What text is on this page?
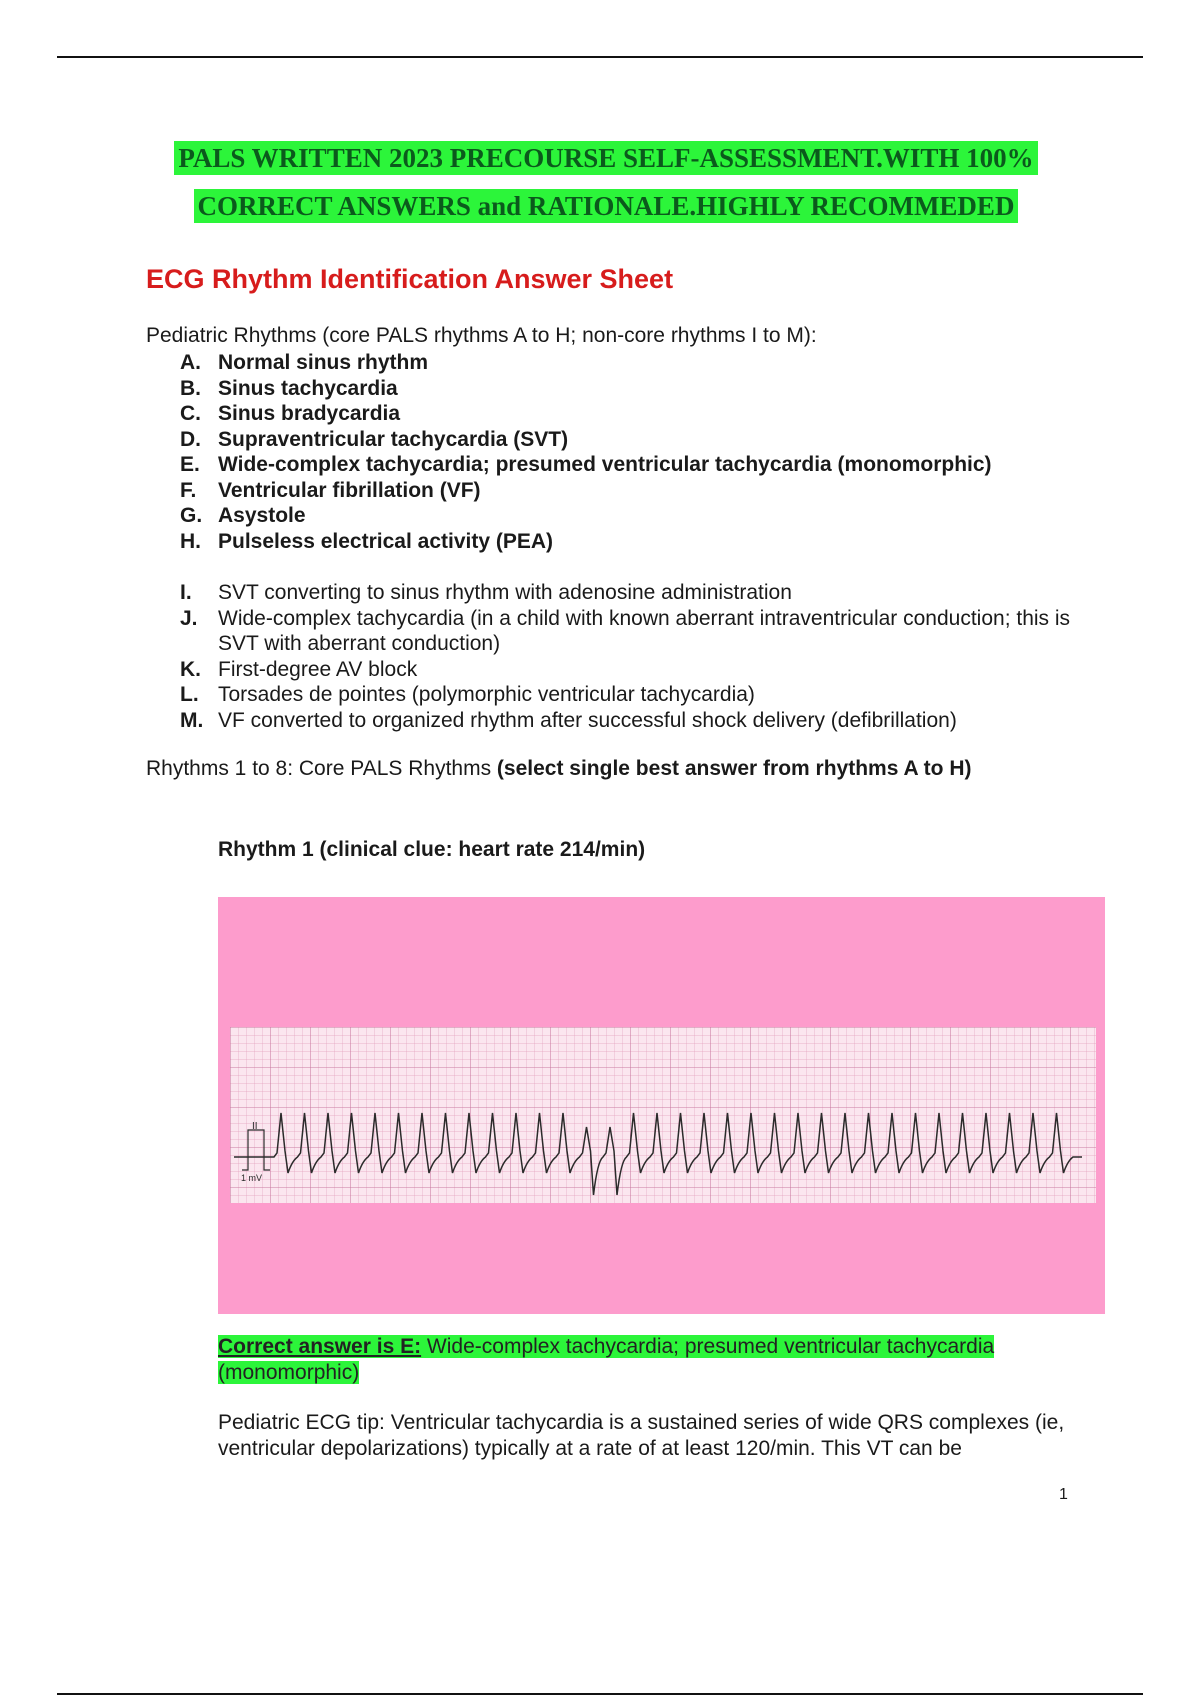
PALS WRITTEN 2023 PRECOURSE SELF-ASSESSMENT.WITH 100%
CORRECT ANSWERS and RATIONALE.HIGHLY RECOMMEDED
ECG Rhythm Identification Answer Sheet
Pediatric Rhythms (core PALS rhythms A to H; non-core rhythms I to M):
A. Normal sinus rhythm
B. Sinus tachycardia
C. Sinus bradycardia
D. Supraventricular tachycardia (SVT)
E. Wide-complex tachycardia; presumed ventricular tachycardia (monomorphic)
F.	Ventricular fibrillation (VF)
G. Asystole
H. Pulseless electrical activity (PEA)
I.	SVT converting to sinus rhythm with adenosine administration
J. Wide-complex tachycardia (in a child with known aberrant intraventricular conduction; this is SVT with aberrant conduction)
K. First-degree AV block
L. Torsades de pointes (polymorphic ventricular tachycardia)
M. VF converted to organized rhythm after successful shock delivery (defibrillation)
Rhythms 1 to 8: Core PALS Rhythms (select single best answer from rhythms A to H)
Rhythm 1 (clinical clue: heart rate 214/min)
II
1 mV
Correct answer is E: Wide-complex tachycardia; presumed ventricular tachycardia (monomorphic)
Pediatric ECG tip: Ventricular tachycardia is a sustained series of wide QRS complexes (ie, ventricular depolarizations) typically at a rate of at least 120/min. This VT can be
1
